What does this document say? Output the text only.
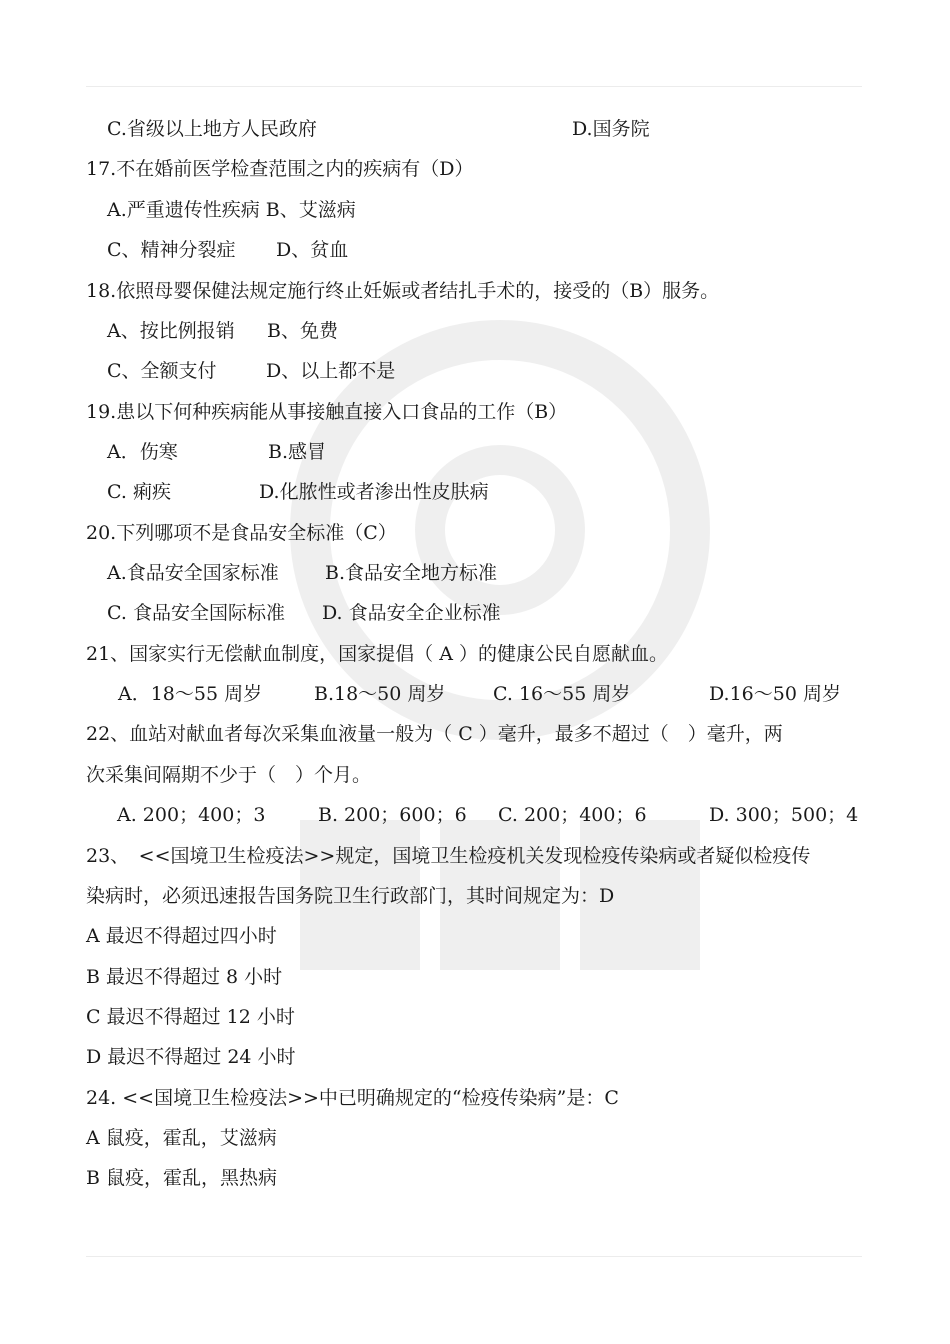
C.省级以上地方人民政府	D.国务院
17.不在婚前医学检查范围之内的疾病有（D）
A.严重遗传性疾病 B、艾滋病
C、精神分裂症 D、贫血
18.依照母婴保健法规定施行终止妊娠或者结扎手术的，接受的（B）服务。
A、按比例报销 B、免费
C、全额支付	D、以上都不是
19.患以下何种疾病能从事接触直接入口食品的工作（B）
A．伤寒	B.感冒
C. 痢疾	D.化脓性或者渗出性皮肤病
20.下列哪项不是食品安全标准（C）
A.食品安全国家标准 B.食品安全地方标准
C. 食品安全国际标准 D. 食品安全企业标准
21、国家实行无偿献血制度，国家提倡（ A ）的健康公民自愿献血。
A．18～55 周岁	B.18～50 周岁	C. 16～55 周岁	D.16～50 周岁
22、血站对献血者每次采集血液量一般为（ C ）毫升，最多不超过（　）毫升，两
次采集间隔期不少于（　）个月。
A. 200；400；3	B. 200；600；6 C. 200；400；6	D. 300；500；4
23、　<<国境卫生检疫法>>规定，国境卫生检疫机关发现检疫传染病或者疑似检疫传
染病时，必须迅速报告国务院卫生行政部门，其时间规定为：D
A 最迟不得超过四小时
B 最迟不得超过 8 小时
C 最迟不得超过 12 小时
D 最迟不得超过 24 小时
24. <<国境卫生检疫法>>中已明确规定的“检疫传染病”是：C
A 鼠疫，霍乱，艾滋病
B 鼠疫，霍乱，黑热病
